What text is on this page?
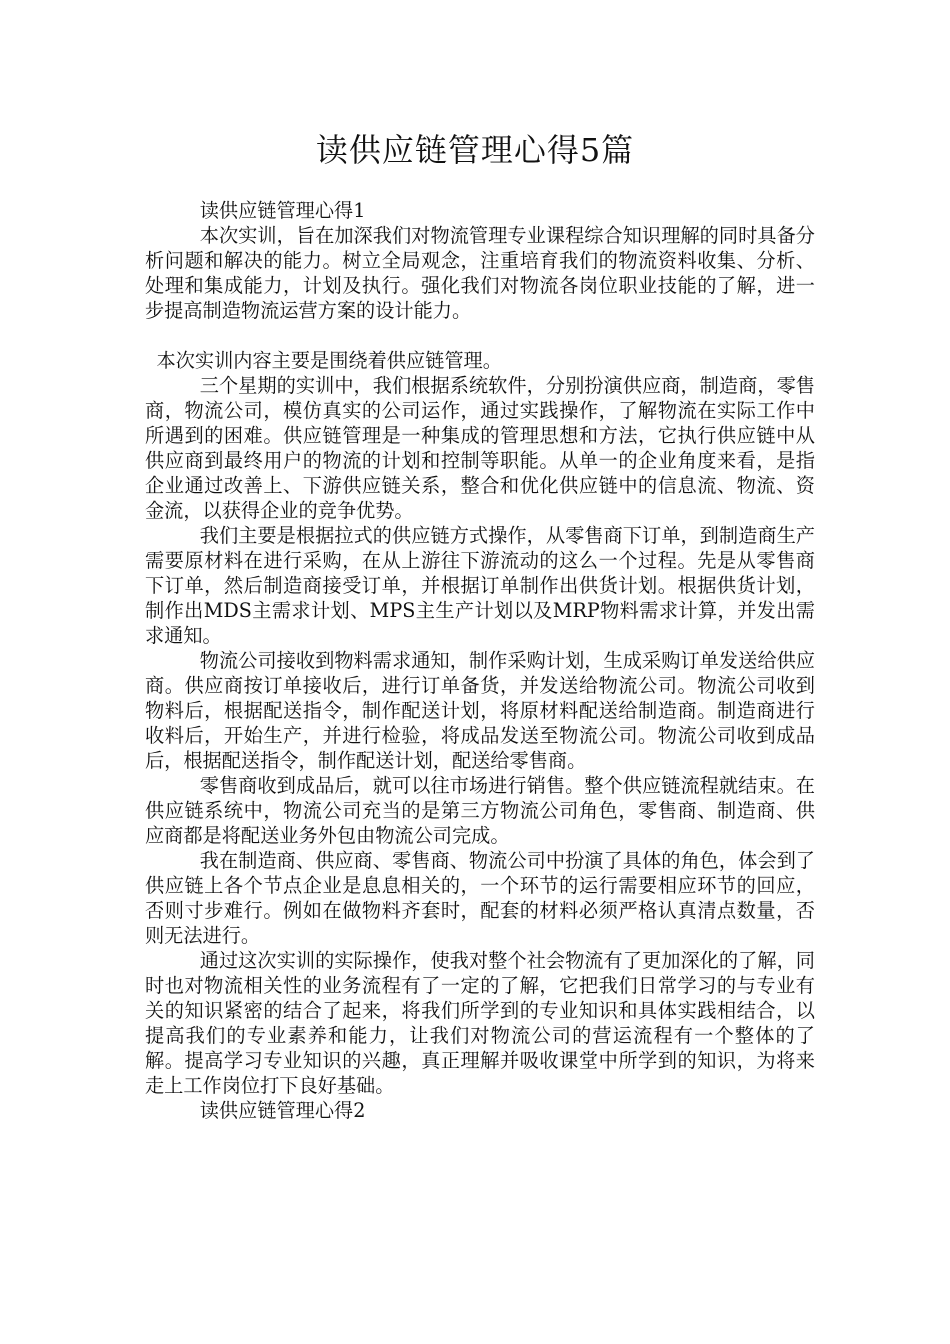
读供应链管理心得5篇

读供应链管理心得1

本次实训，旨在加深我们对物流管理专业课程综合知识理解的同时具备分析问题和解决的能力。树立全局观念，注重培育我们的物流资料收集、分析、处理和集成能力，计划及执行。强化我们对物流各岗位职业技能的了解，进一步提高制造物流运营方案的设计能力。

本次实训内容主要是围绕着供应链管理。

三个星期的实训中，我们根据系统软件，分别扮演供应商，制造商，零售商，物流公司，模仿真实的公司运作，通过实践操作，了解物流在实际工作中所遇到的困难。供应链管理是一种集成的管理思想和方法，它执行供应链中从供应商到最终用户的物流的计划和控制等职能。从单一的企业角度来看，是指企业通过改善上、下游供应链关系，整合和优化供应链中的信息流、物流、资金流，以获得企业的竞争优势。

我们主要是根据拉式的供应链方式操作，从零售商下订单，到制造商生产需要原材料在进行采购，在从上游往下游流动的这么一个过程。先是从零售商下订单，然后制造商接受订单，并根据订单制作出供货计划。根据供货计划，制作出MDS主需求计划、MPS主生产计划以及MRP物料需求计算，并发出需求通知。

物流公司接收到物料需求通知，制作采购计划，生成采购订单发送给供应商。供应商按订单接收后，进行订单备货，并发送给物流公司。物流公司收到物料后，根据配送指令，制作配送计划，将原材料配送给制造商。制造商进行收料后，开始生产，并进行检验，将成品发送至物流公司。物流公司收到成品后，根据配送指令，制作配送计划，配送给零售商。

零售商收到成品后，就可以往市场进行销售。整个供应链流程就结束。在供应链系统中，物流公司充当的是第三方物流公司角色，零售商、制造商、供应商都是将配送业务外包由物流公司完成。

我在制造商、供应商、零售商、物流公司中扮演了具体的角色，体会到了供应链上各个节点企业是息息相关的，一个环节的运行需要相应环节的回应，否则寸步难行。例如在做物料齐套时，配套的材料必须严格认真清点数量，否则无法进行。

通过这次实训的实际操作，使我对整个社会物流有了更加深化的了解，同时也对物流相关性的业务流程有了一定的了解，它把我们日常学习的与专业有关的知识紧密的结合了起来，将我们所学到的专业知识和具体实践相结合，以提高我们的专业素养和能力，让我们对物流公司的营运流程有一个整体的了解。提高学习专业知识的兴趣，真正理解并吸收课堂中所学到的知识，为将来走上工作岗位打下良好基础。

读供应链管理心得2
